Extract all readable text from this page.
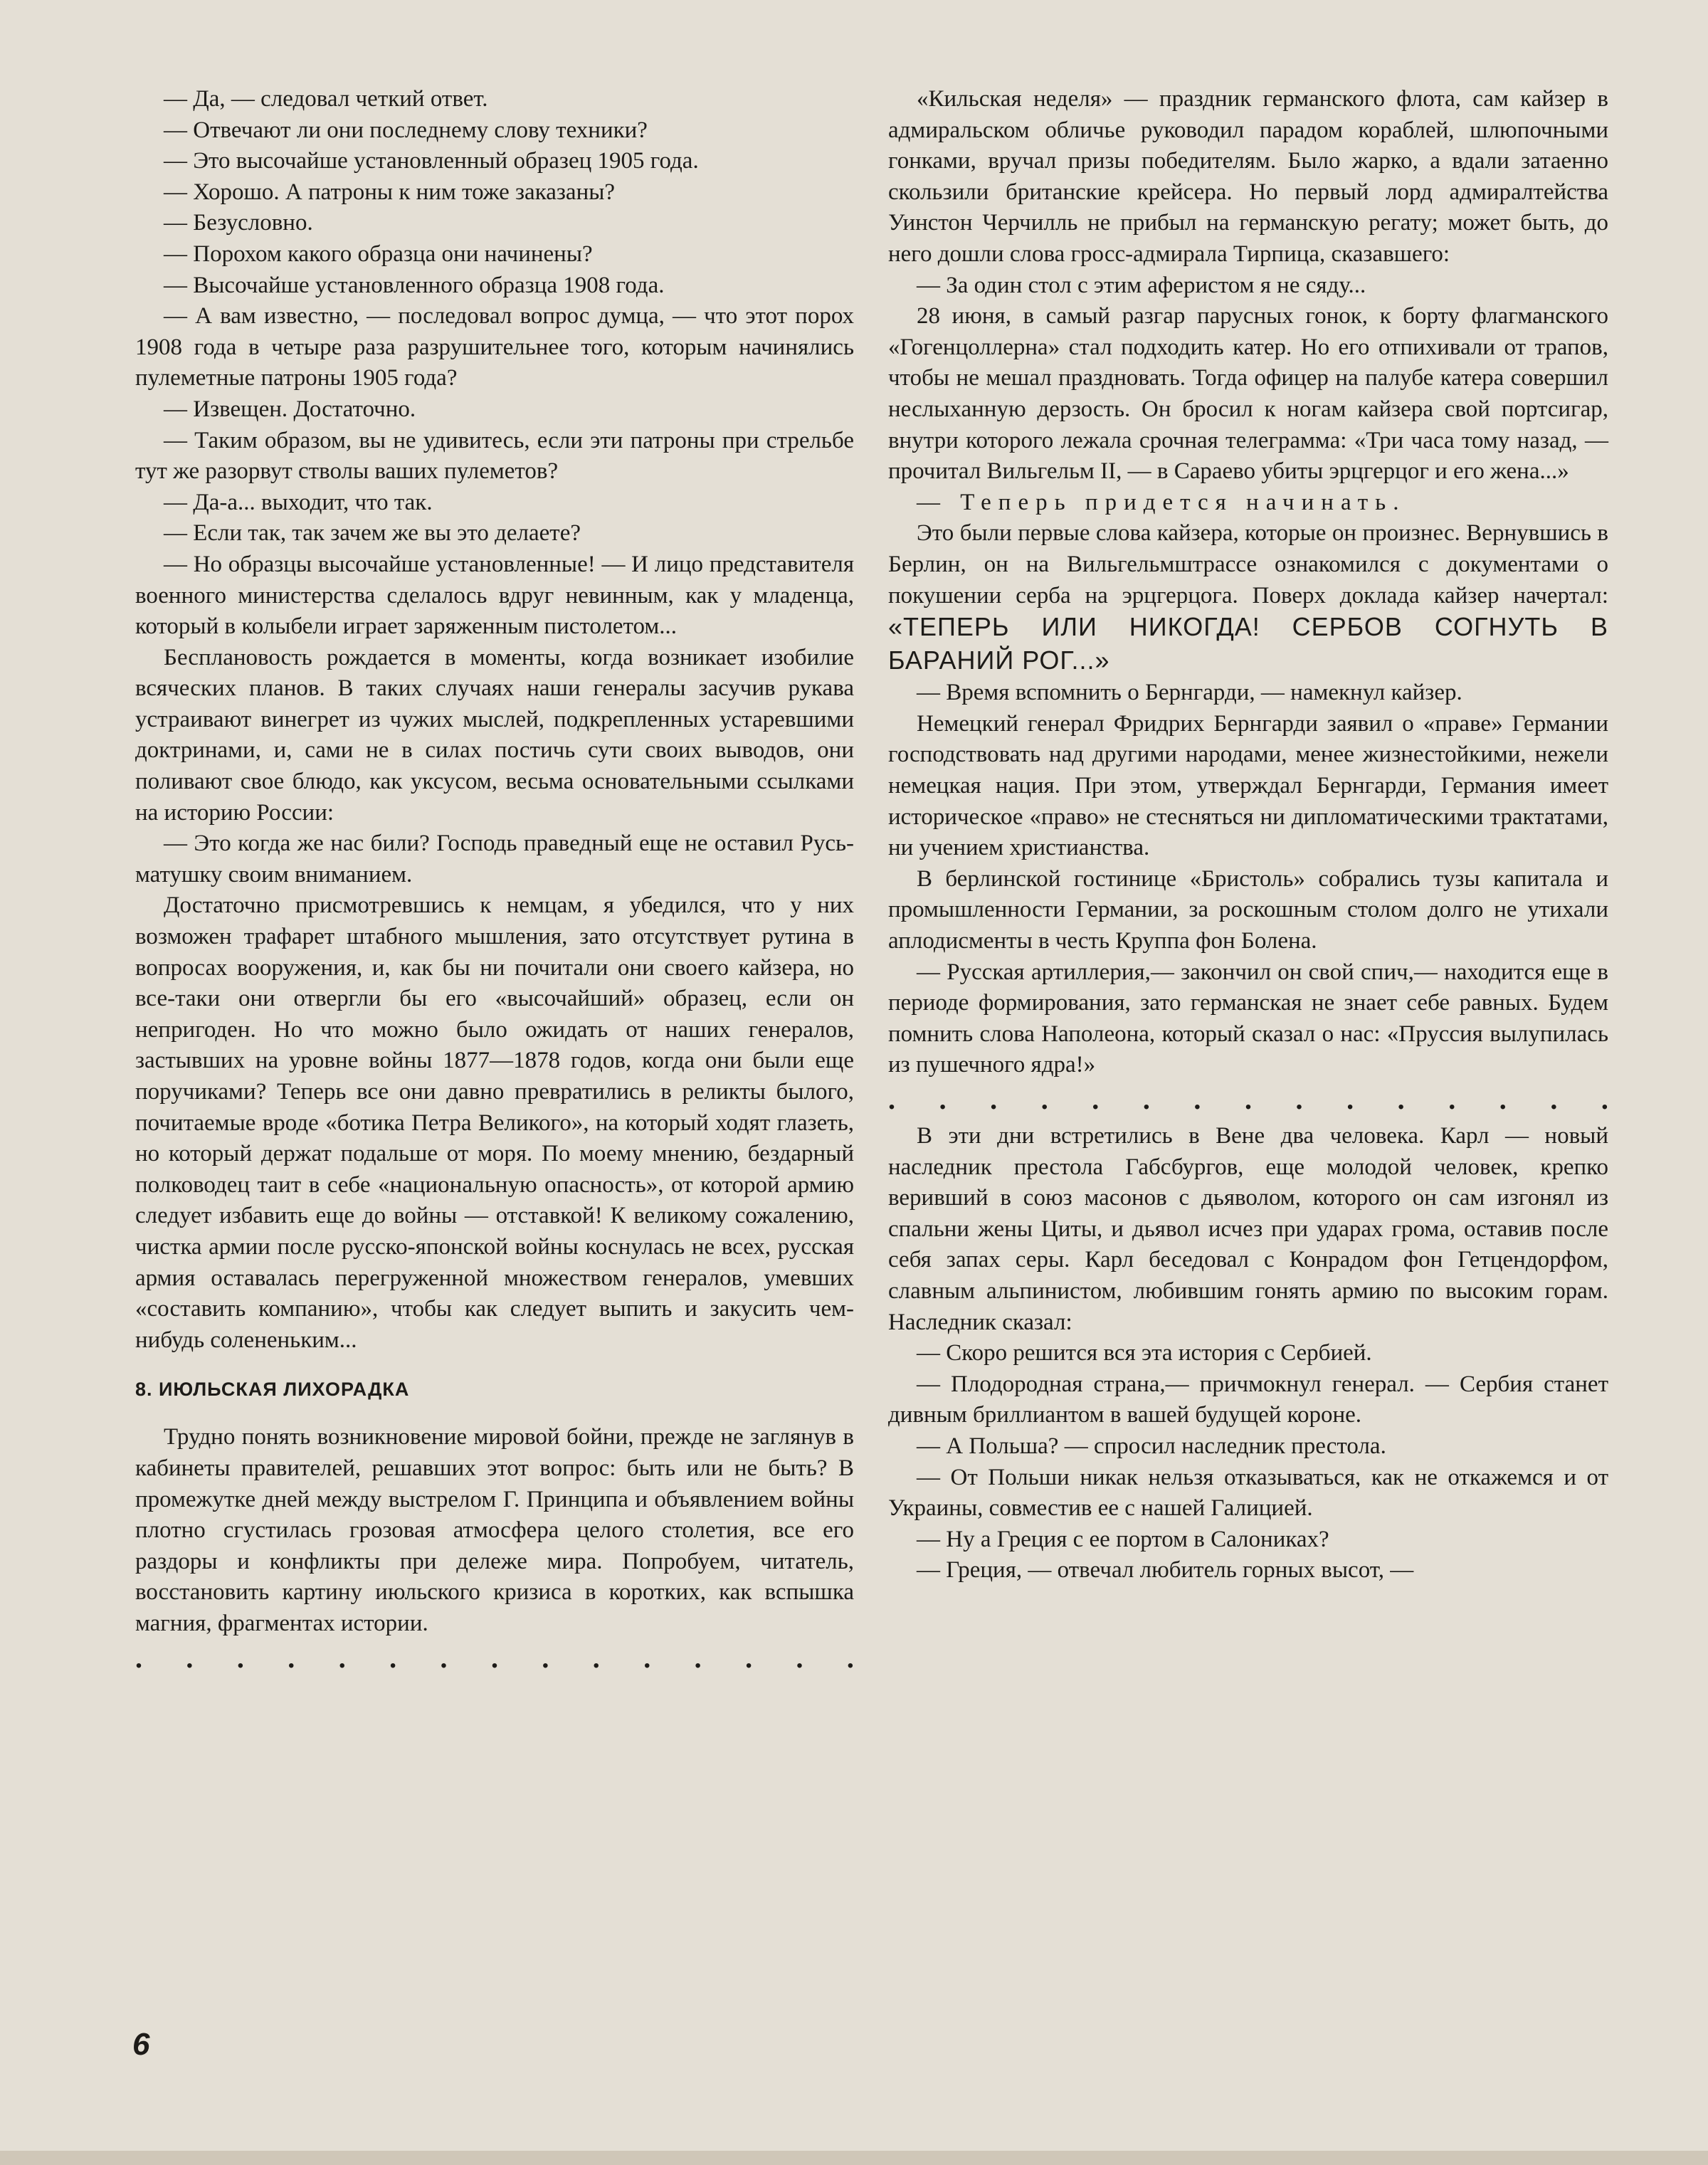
— Да, — следовал четкий ответ.

— Отвечают ли они последнему слову техники?

— Это высочайше установленный образец 1905 года.

— Хорошо. А патроны к ним тоже заказаны?

— Безусловно.

— Порохом какого образца они начинены?

— Высочайше установленного образца 1908 года.

— А вам известно, — последовал вопрос думца, — что этот порох 1908 года в четыре раза разрушительнее того, которым начинялись пулеметные патроны 1905 года?

— Извещен. Достаточно.

— Таким образом, вы не удивитесь, если эти патроны при стрельбе тут же разорвут стволы ваших пулеметов?

— Да-а... выходит, что так.

— Если так, так зачем же вы это делаете?

— Но образцы высочайше установленные! — И лицо представителя военного министерства сделалось вдруг невинным, как у младенца, который в колыбели играет заряженным пистолетом...

Бесплановость рождается в моменты, когда возникает изобилие всяческих планов. В таких случаях наши генералы засучив рукава устраивают винегрет из чужих мыслей, подкрепленных устаревшими доктринами, и, сами не в силах постичь сути своих выводов, они поливают свое блюдо, как уксусом, весьма основательными ссылками на историю России:

— Это когда же нас били? Господь праведный еще не оставил Русь-матушку своим вниманием.

Достаточно присмотревшись к немцам, я убедился, что у них возможен трафарет штабного мышления, зато отсутствует рутина в вопросах вооружения, и, как бы ни почитали они своего кайзера, но все-таки они отвергли бы его «высочайший» образец, если он непригоден. Но что можно было ожидать от наших генералов, застывших на уровне войны 1877—1878 годов, когда они были еще поручиками? Теперь все они давно превратились в реликты былого, почитаемые вроде «ботика Петра Великого», на который ходят глазеть, но который держат подальше от моря. По моему мнению, бездарный полководец таит в себе «национальную опасность», от которой армию следует избавить еще до войны — отставкой! К великому сожалению, чистка армии после русско-японской войны коснулась не всех, русская армия оставалась перегруженной множеством генералов, умевших «составить компанию», чтобы как следует выпить и закусить чем-нибудь солененьким...

8. ИЮЛЬСКАЯ ЛИХОРАДКА

Трудно понять возникновение мировой бойни, прежде не заглянув в кабинеты правителей, решавших этот вопрос: быть или не быть? В промежутке дней между выстрелом Г. Принципа и объявлением войны плотно сгустилась грозовая атмосфера целого столетия, все его раздоры и конфликты при дележе мира. Попробуем, читатель, восстановить картину июльского кризиса в коротких, как вспышка магния, фрагментах истории.

. . . . . . . . . . . . . . .

«Кильская неделя» — праздник германского флота, сам кайзер в адмиральском обличье руководил парадом кораблей, шлюпочными гонками, вручал призы победителям. Было жарко, а вдали затаенно скользили британские крейсера. Но первый лорд адмиралтейства Уинстон Черчилль не прибыл на германскую регату; может быть, до него дошли слова гросс-адмирала Тирпица, сказавшего:

— За один стол с этим аферистом я не сяду...

28 июня, в самый разгар парусных гонок, к борту флагманского «Гогенцоллерна» стал подходить катер. Но его отпихивали от трапов, чтобы не мешал праздновать. Тогда офицер на палубе катера совершил неслыханную дерзость. Он бросил к ногам кайзера свой портсигар, внутри которого лежала срочная телеграмма: «Три часа тому назад, — прочитал Вильгельм II, — в Сараево убиты эрцгерцог и его жена...»

— Теперь придется начинать.

Это были первые слова кайзера, которые он произнес. Вернувшись в Берлин, он на Вильгельмштрассе ознакомился с документами о покушении серба на эрцгерцога. Поверх доклада кайзер начертал: «ТЕПЕРЬ ИЛИ НИКОГДА! СЕРБОВ СОГНУТЬ В БАРАНИЙ РОГ...»

— Время вспомнить о Бернгарди, — намекнул кайзер.

Немецкий генерал Фридрих Бернгарди заявил о «праве» Германии господствовать над другими народами, менее жизнестойкими, нежели немецкая нация. При этом, утверждал Бернгарди, Германия имеет историческое «право» не стесняться ни дипломатическими трактатами, ни учением христианства.

В берлинской гостинице «Бристоль» собрались тузы капитала и промышленности Германии, за роскошным столом долго не утихали аплодисменты в честь Круппа фон Болена.

— Русская артиллерия,— закончил он свой спич,— находится еще в периоде формирования, зато германская не знает себе равных. Будем помнить слова Наполеона, который сказал о нас: «Пруссия вылупилась из пушечного ядра!»

. . . . . . . . . . . . . . .

В эти дни встретились в Вене два человека. Карл — новый наследник престола Габсбургов, еще молодой человек, крепко веривший в союз масонов с дьяволом, которого он сам изгонял из спальни жены Циты, и дьявол исчез при ударах грома, оставив после себя запах серы. Карл беседовал с Конрадом фон Гетцендорфом, славным альпинистом, любившим гонять армию по высоким горам. Наследник сказал:

— Скоро решится вся эта история с Сербией.

— Плодородная страна,— причмокнул генерал. — Сербия станет дивным бриллиантом в вашей будущей короне.

— А Польша? — спросил наследник престола.

— От Польши никак нельзя отказываться, как не откажемся и от Украины, совместив ее с нашей Галицией.

— Ну а Греция с ее портом в Салониках?

— Греция, — отвечал любитель горных высот, —

6
